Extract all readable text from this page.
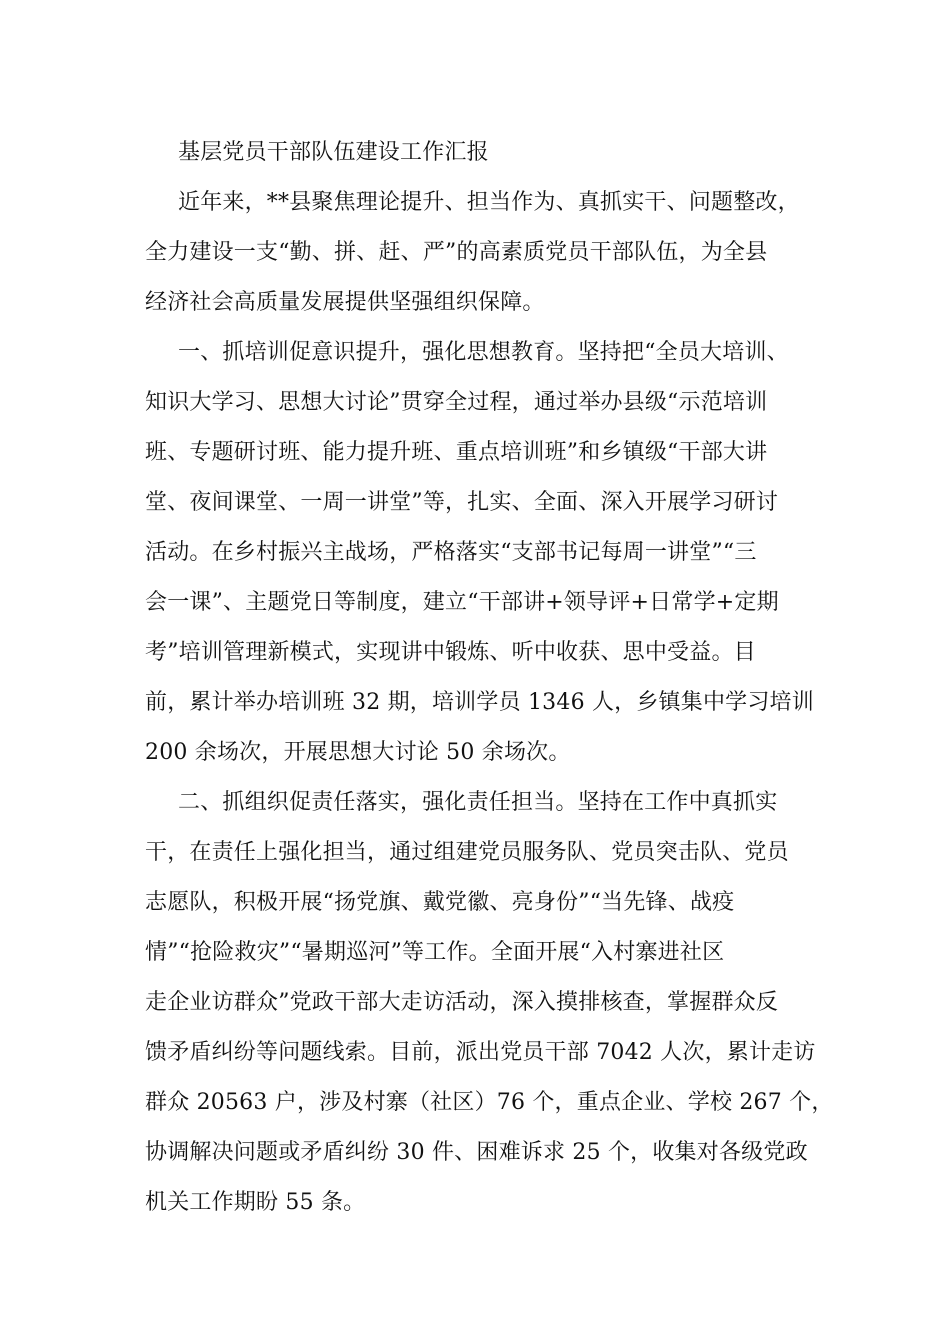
基层党员干部队伍建设工作汇报
近年来，**县聚焦理论提升、担当作为、真抓实干、问题整改，
全力建设一支“勤、拼、赶、严”的高素质党员干部队伍，为全县
经济社会高质量发展提供坚强组织保障。
一、抓培训促意识提升，强化思想教育。坚持把“全员大培训、
知识大学习、思想大讨论”贯穿全过程，通过举办县级“示范培训
班、专题研讨班、能力提升班、重点培训班”和乡镇级“干部大讲
堂、夜间课堂、一周一讲堂”等，扎实、全面、深入开展学习研讨
活动。在乡村振兴主战场，严格落实“支部书记每周一讲堂”“三
会一课”、主题党日等制度，建立“干部讲+领导评+日常学+定期
考”培训管理新模式，实现讲中锻炼、听中收获、思中受益。目
前，累计举办培训班 32 期，培训学员 1346 人，乡镇集中学习培训
200 余场次，开展思想大讨论 50 余场次。
二、抓组织促责任落实，强化责任担当。坚持在工作中真抓实
干，在责任上强化担当，通过组建党员服务队、党员突击队、党员
志愿队，积极开展“扬党旗、戴党徽、亮身份”“当先锋、战疫
情”“抢险救灾”“暑期巡河”等工作。全面开展“入村寨进社区
走企业访群众”党政干部大走访活动，深入摸排核查，掌握群众反
馈矛盾纠纷等问题线索。目前，派出党员干部 7042 人次，累计走访
群众 20563 户，涉及村寨（社区）76 个，重点企业、学校 267 个，
协调解决问题或矛盾纠纷 30 件、困难诉求 25 个，收集对各级党政
机关工作期盼 55 条。
